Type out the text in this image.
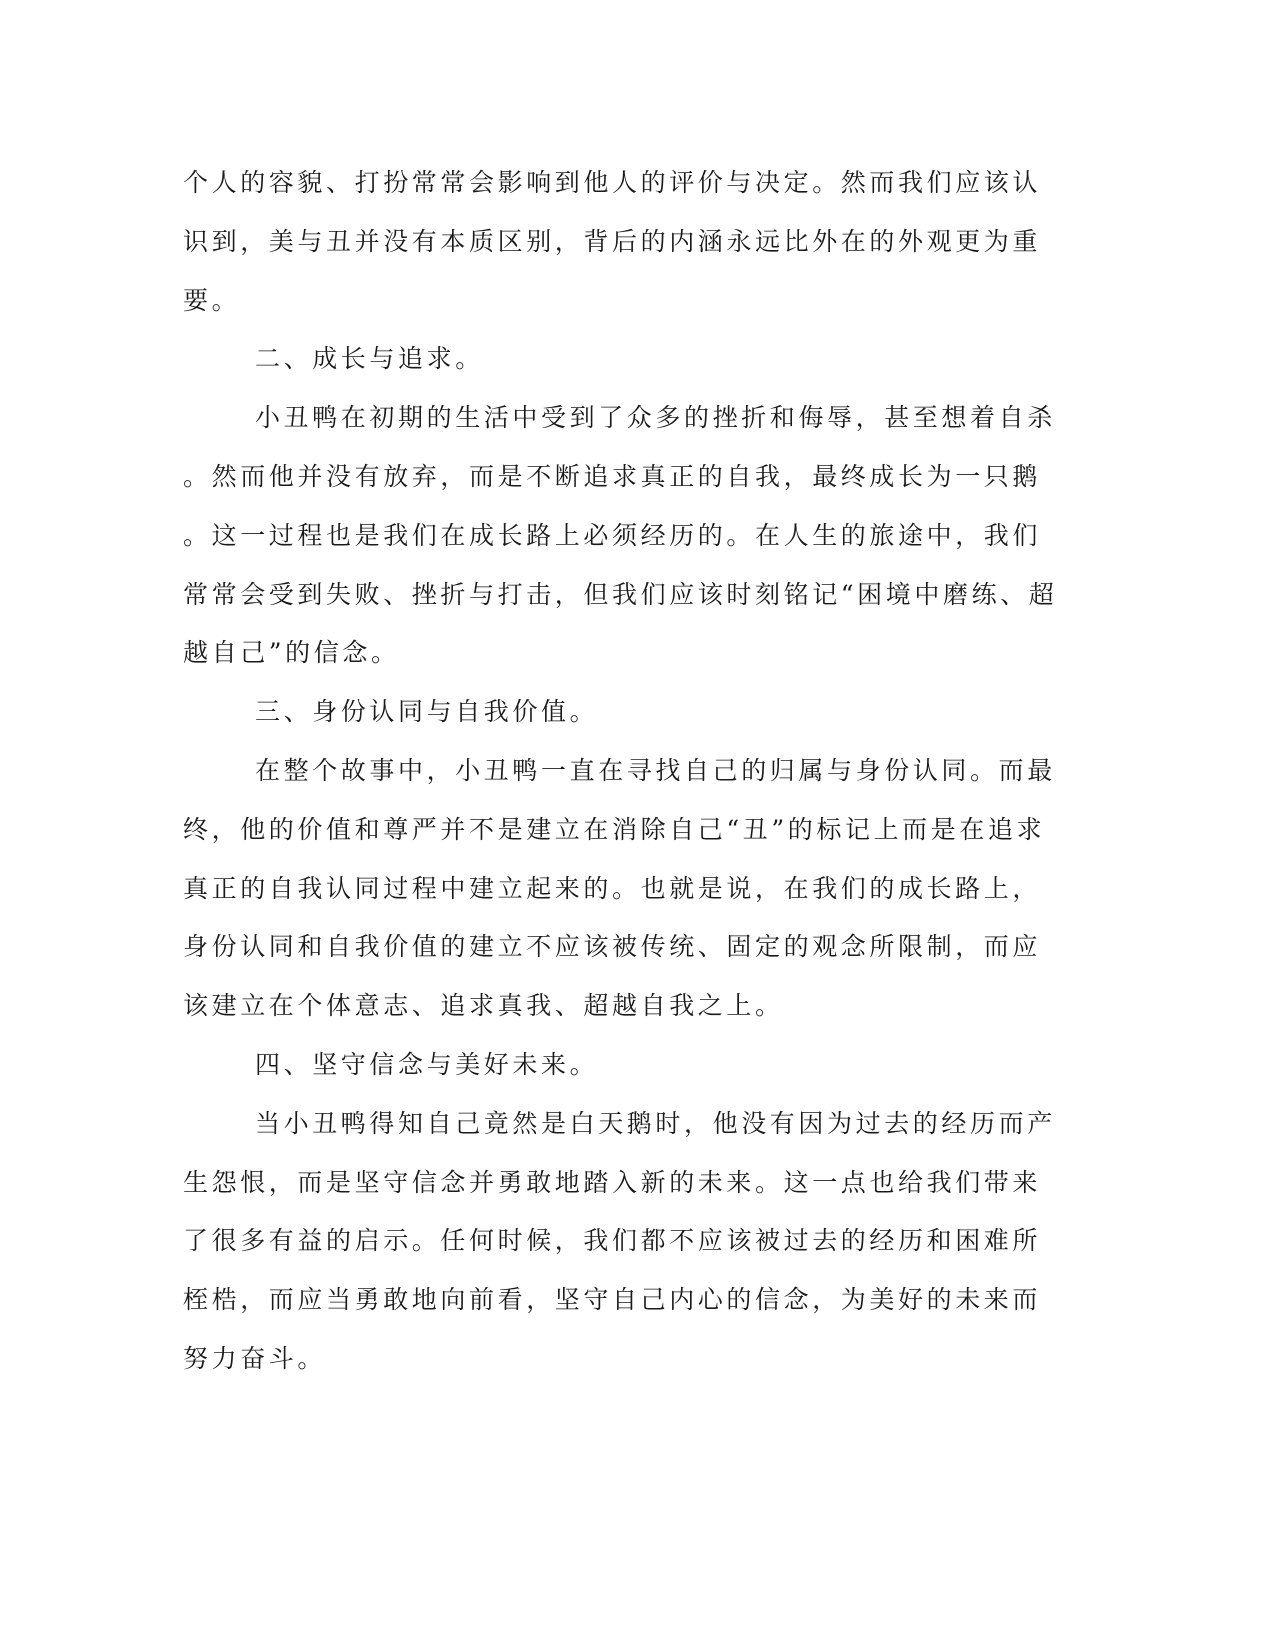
个人的容貌、打扮常常会影响到他人的评价与决定。然而我们应该认
识到，美与丑并没有本质区别，背后的内涵永远比外在的外观更为重
要。
二、成长与追求。
小丑鸭在初期的生活中受到了众多的挫折和侮辱，甚至想着自杀
。然而他并没有放弃，而是不断追求真正的自我，最终成长为一只鹅
。这一过程也是我们在成长路上必须经历的。在人生的旅途中，我们
常常会受到失败、挫折与打击，但我们应该时刻铭记“困境中磨练、超
越自己”的信念。
三、身份认同与自我价值。
在整个故事中，小丑鸭一直在寻找自己的归属与身份认同。而最
终，他的价值和尊严并不是建立在消除自己“丑”的标记上而是在追求
真正的自我认同过程中建立起来的。也就是说，在我们的成长路上，
身份认同和自我价值的建立不应该被传统、固定的观念所限制，而应
该建立在个体意志、追求真我、超越自我之上。
四、坚守信念与美好未来。
当小丑鸭得知自己竟然是白天鹅时，他没有因为过去的经历而产
生怨恨，而是坚守信念并勇敢地踏入新的未来。这一点也给我们带来
了很多有益的启示。任何时候，我们都不应该被过去的经历和困难所
桎梏，而应当勇敢地向前看，坚守自己内心的信念，为美好的未来而
努力奋斗。
